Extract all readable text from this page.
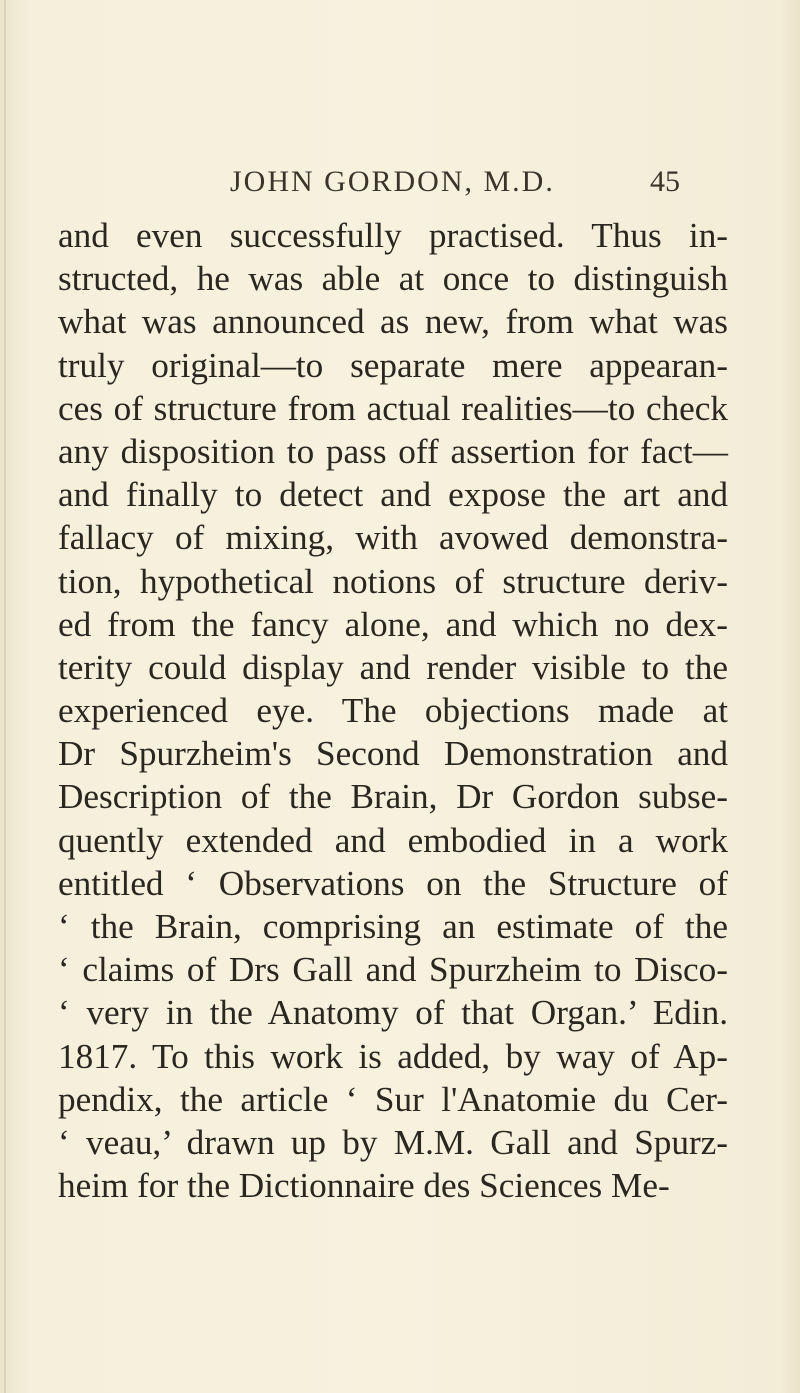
JOHN GORDON, M.D.	45
and even successfully practised. Thus in-
structed, he was able at once to distinguish
what was announced as new, from what was
truly original—to separate mere appearan-
ces of structure from actual realities—to check
any disposition to pass off assertion for fact—
and finally to detect and expose the art and
fallacy of mixing, with avowed demonstra-
tion, hypothetical notions of structure deriv-
ed from the fancy alone, and which no dex-
terity could display and render visible to the
experienced eye. The objections made at
Dr Spurzheim's Second Demonstration and
Description of the Brain, Dr Gordon subse-
quently extended and embodied in a work
entitled ‘ Observations on the Structure of
‘ the Brain, comprising an estimate of the
‘ claims of Drs Gall and Spurzheim to Disco-
‘ very in the Anatomy of that Organ.’ Edin.
1817. To this work is added, by way of Ap-
pendix, the article ‘ Sur l'Anatomie du Cer-
‘ veau,’ drawn up by M.M. Gall and Spurz-
heim for the Dictionnaire des Sciences Me-
